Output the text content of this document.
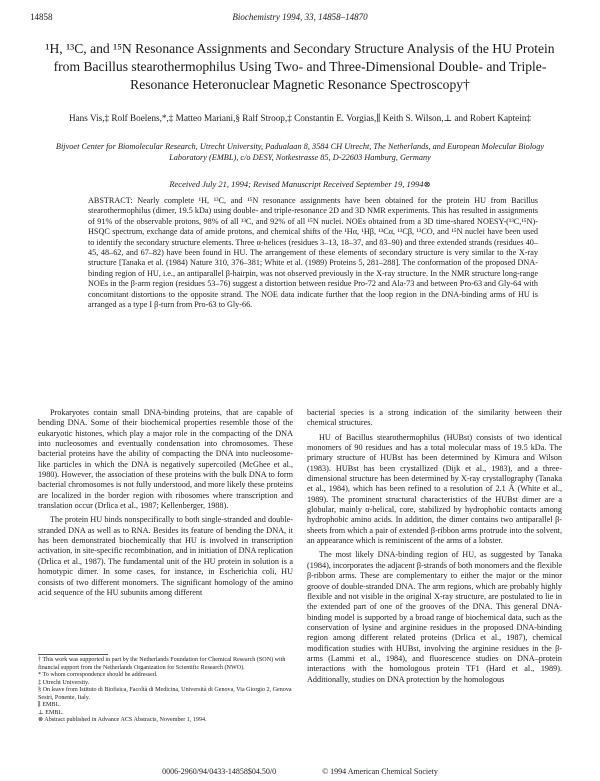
14858	Biochemistry 1994, 33, 14858–14870
¹H, ¹³C, and ¹⁵N Resonance Assignments and Secondary Structure Analysis of the HU Protein from Bacillus stearothermophilus Using Two- and Three-Dimensional Double- and Triple-Resonance Heteronuclear Magnetic Resonance Spectroscopy†
Hans Vis,‡ Rolf Boelens,*,‡ Matteo Mariani,§ Ralf Stroop,‡ Constantin E. Vorgias,∥ Keith S. Wilson,⊥ and Robert Kaptein‡
Bijvoet Center for Biomolecular Research, Utrecht University, Padualaan 8, 3584 CH Utrecht, The Netherlands, and European Molecular Biology Laboratory (EMBL), c/o DESY, Notkestrasse 85, D-22603 Hamburg, Germany
Received July 21, 1994; Revised Manuscript Received September 19, 1994⊗
ABSTRACT: Nearly complete ¹H, ¹³C, and ¹⁵N resonance assignments have been obtained for the protein HU from Bacillus stearothermophilus (dimer, 19.5 kDa) using double- and triple-resonance 2D and 3D NMR experiments. This has resulted in assignments of 91% of the observable protons, 98% of all ¹³C, and 92% of all ¹⁵N nuclei. NOEs obtained from a 3D time-shared NOESY-(¹³C,¹⁵N)-HSQC spectrum, exchange data of amide protons, and chemical shifts of the ¹Hα, ¹Hβ, ¹³Cα, ¹³Cβ, ¹³CO, and ¹⁵N nuclei have been used to identify the secondary structure elements. Three α-helices (residues 3–13, 18–37, and 83–90) and three extended strands (residues 40–45, 48–62, and 67–82) have been found in HU. The arrangement of these elements of secondary structure is very similar to the X-ray structure [Tanaka et al. (1984) Nature 310, 376–381; White et al. (1989) Proteins 5, 281–288]. The conformation of the proposed DNA-binding region of HU, i.e., an antiparallel β-hairpin, was not observed previously in the X-ray structure. In the NMR structure long-range NOEs in the β-arm region (residues 53–76) suggest a distortion between residue Pro-72 and Ala-73 and between Pro-63 and Gly-64 with concomitant distortions to the opposite strand. The NOE data indicate further that the loop region in the DNA-binding arms of HU is arranged as a type I β-turn from Pro-63 to Gly-66.

Prokaryotes contain small DNA-binding proteins, that are capable of bending DNA. Some of their biochemical properties resemble those of the eukaryotic histones, which play a major role in the compacting of the DNA into nucleosomes and eventually condensation into chromosomes. These bacterial proteins have the ability of compacting the DNA into nucleosome-like particles in which the DNA is negatively supercoiled (McGhee et al., 1980). However, the association of these proteins with the bulk DNA to form bacterial chromosomes is not fully understood, and more likely these proteins are localized in the border region with ribosomes where transcription and translation occur (Drlica et al., 1987; Kellenberger, 1988).

The protein HU binds nonspecifically to both single-stranded and double-stranded DNA as well as to RNA. Besides its feature of bending the DNA, it has been demonstrated biochemically that HU is involved in transcription activation, in site-specific recombination, and in initiation of DNA replication (Drlica et al., 1987). The fundamental unit of the HU protein in solution is a homotypic dimer. In some cases, for instance, in Escherichia coli, HU consists of two different monomers. The significant homology of the amino acid sequence of the HU subunits among different

bacterial species is a strong indication of the similarity between their chemical structures.

HU of Bacillus stearothermophilus (HUBst) consists of two identical monomers of 90 residues and has a total molecular mass of 19.5 kDa. The primary structure of HUBst has been determined by Kimura and Wilson (1983). HUBst has been crystallized (Dijk et al., 1983), and a three-dimensional structure has been determined by X-ray crystallography (Tanaka et al., 1984), which has been refined to a resolution of 2.1 Å (White et al., 1989). The prominent structural characteristics of the HUBst dimer are a globular, mainly α-helical, core, stabilized by hydrophobic contacts among hydrophobic amino acids. In addition, the dimer contains two antiparallel β-sheets from which a pair of extended β-ribbon arms protrude into the solvent, an appearance which is reminiscent of the arms of a lobster.

The most likely DNA-binding region of HU, as suggested by Tanaka (1984), incorporates the adjacent β-strands of both monomers and the flexible β-ribbon arms. These are complementary to either the major or the minor groove of double-stranded DNA. The arm regions, which are probably highly flexible and not visible in the original X-ray structure, are postulated to lie in the extended part of one of the grooves of the DNA. This general DNA-binding model is supported by a broad range of biochemical data, such as the conservation of lysine and arginine residues in the proposed DNA-binding region among different related proteins (Drlica et al., 1987), chemical modification studies with HUBst, involving the arginine residues in the β-arms (Lammi et al., 1984), and fluorescence studies on DNA–protein interactions with the homologous protein TF1 (Hard et al., 1989). Additionally, studies on DNA protection by the homologous

† This work was supported in part by the Netherlands Foundation for Chemical Research (SON) with financial support from the Netherlands Organization for Scientific Research (NWO).
* To whom correspondence should be addressed.
‡ Utrecht University.
§ On leave from Istituto di Biofisica, Facoltà di Medicina, Università di Genova, Via Giorgio 2, Genova Sestri, Ponente, Italy.
∥ EMBL.
⊥ EMBL.
⊗ Abstract published in Advance ACS Abstracts, November 1, 1994.
0006-2960/94/0433-14858$04.50/0	© 1994 American Chemical Society
